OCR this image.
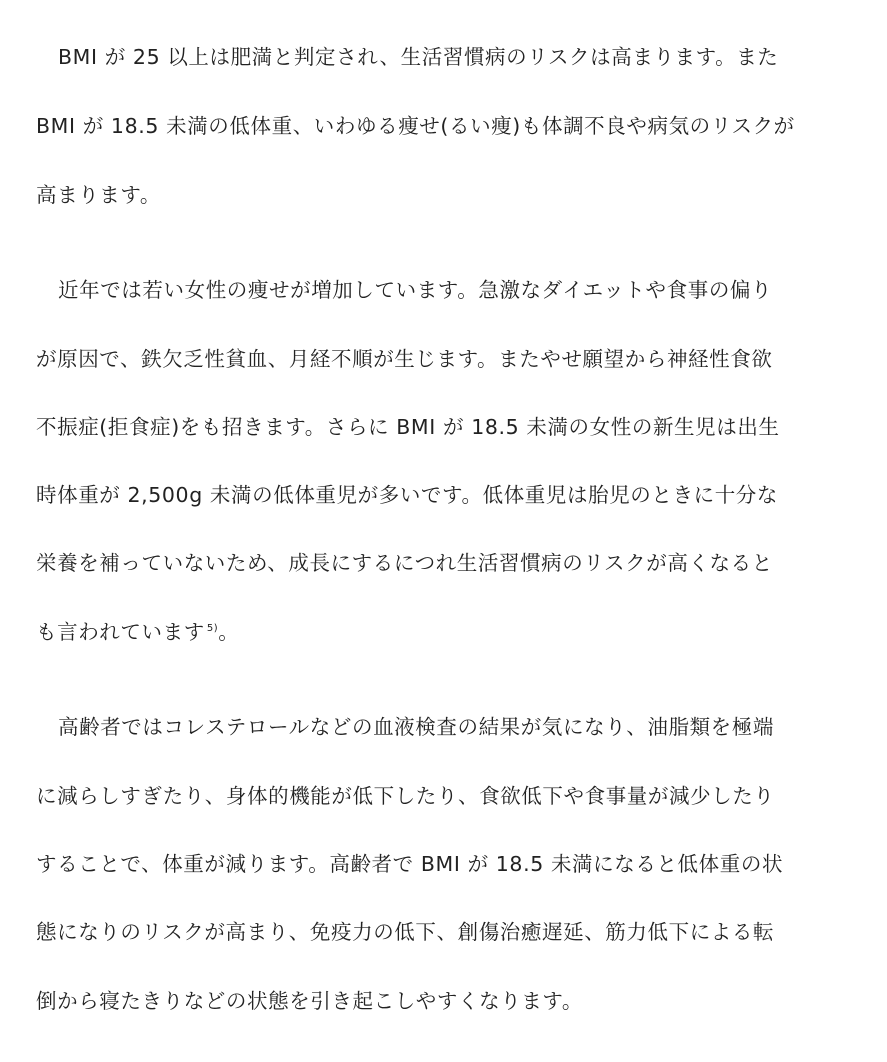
BMI が 25 以上は肥満と判定され、生活習慣病のリスクは高まります。また
BMI が 18.5 未満の低体重、いわゆる痩せ(るい痩)も体調不良や病気のリスクが
高まります。
近年では若い女性の痩せが増加しています。急激なダイエットや食事の偏り
が原因で、鉄欠乏性貧血、月経不順が生じます。またやせ願望から神経性食欲
不振症(拒食症)をも招きます。さらに BMI が 18.5 未満の女性の新生児は出生
時体重が 2,500g 未満の低体重児が多いです。低体重児は胎児のときに十分な
栄養を補っていないため、成長にするにつれ生活習慣病のリスクが高くなると
も言われています $^{5)}$。
高齢者ではコレステロールなどの血液検査の結果が気になり、油脂類を極端
に減らしすぎたり、身体的機能が低下したり、食欲低下や食事量が減少したり
することで、体重が減ります。高齢者で BMI が 18.5 未満になると低体重の状
態になりのリスクが高まり、免疫力の低下、創傷治癒遅延、筋力低下による転
倒から寝たきりなどの状態を引き起こしやすくなります。
